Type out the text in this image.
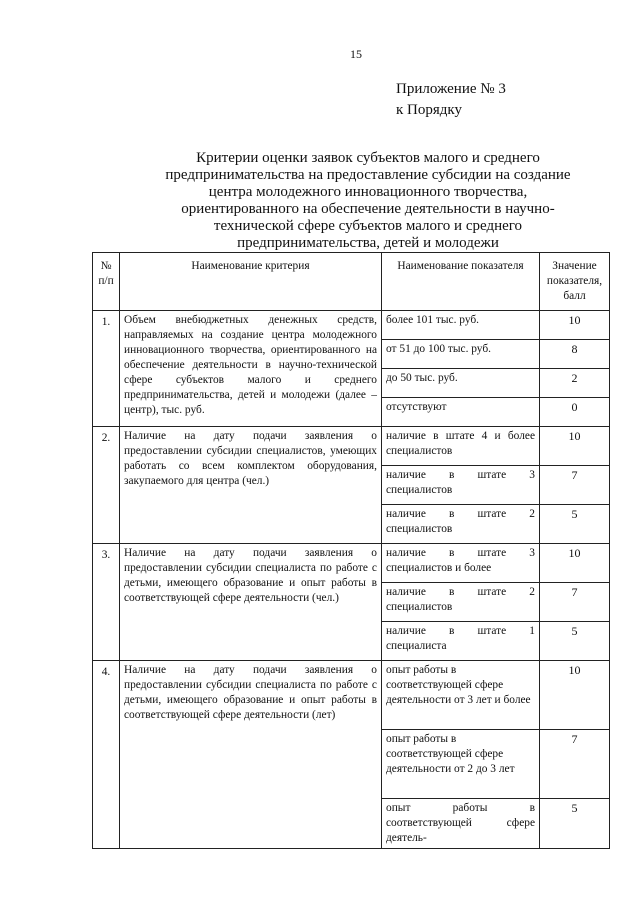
15
Приложение № 3
к Порядку
Критерии оценки заявок субъектов малого и среднего предпринимательства на предоставление субсидии на создание центра молодежного инновационного творчества, ориентированного на обеспечение деятельности в научно-технической сфере субъектов малого и среднего предпринимательства, детей и молодежи
№ п/п	Наименование критерия	Наименование показателя	Значение показателя, балл
1.	Объем внебюджетных денежных средств, направляемых на создание центра молодежного инновационного творчества, ориентированного на обеспечение деятельности в научно-технической сфере субъектов малого и среднего предпринимательства, детей и молодежи (далее – центр), тыс. руб.	более 101 тыс. руб.	10
		от 51 до 100 тыс. руб.	8
		до 50 тыс. руб.	2
		отсутствуют	0
2.	Наличие на дату подачи заявления о предоставлении субсидии специалистов, умеющих работать со всем комплектом оборудования, закупаемого для центра (чел.)	наличие в штате 4 и более специалистов	10
		наличие в штате 3 специалистов	7
		наличие в штате 2 специалистов	5
3.	Наличие на дату подачи заявления о предоставлении субсидии специалиста по работе с детьми, имеющего образование и опыт работы в соответствующей сфере деятельности (чел.)	наличие в штате 3 специалистов и более	10
		наличие в штате 2 специалистов	7
		наличие в штате 1 специалиста	5
4.	Наличие на дату подачи заявления о предоставлении субсидии специалиста по работе с детьми, имеющего образование и опыт работы в соответствующей сфере деятельности (лет)	опыт работы в соответствующей сфере деятельности от 3 лет и более	10
		опыт работы в соответствующей сфере деятельности от 2 до 3 лет	7
		опыт работы в соответствующей сфере деятель-	5
